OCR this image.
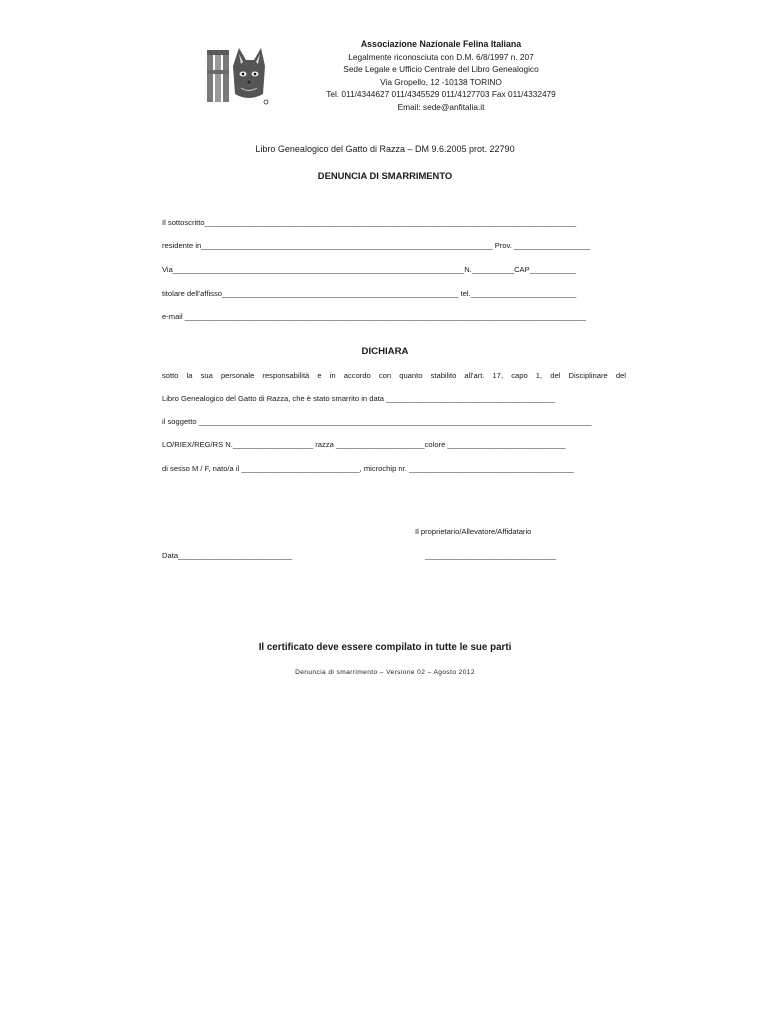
Associazione Nazionale Felina Italiana
Legalmente riconosciuta con D.M. 6/8/1997 n. 207
Sede Legale e Ufficio Centrale del Libro Genealogico
Via Gropello, 12 -10138 TORINO
Tel. 011/4344627 011/4345529 011/4127703 Fax 011/4332479
Email: sede@anfitalia.it
Libro Genealogico del Gatto di Razza – DM 9.6.2005 prot. 22790
DENUNCIA DI SMARRIMENTO
Il sottoscritto________________________________________________________________________________________
residente in_____________________________________________________________________ Prov. __________________
Via_____________________________________________________________________N.__________CAP___________
titolare dell'affisso________________________________________________________ tel._________________________
e-mail _______________________________________________________________________________________________
DICHIARA
sotto la sua personale responsabilità e in accordo con quanto stabilito all'art. 17, capo 1, del Disciplinare del
Libro Genealogico del Gatto di Razza, che è stato smarrito in data ________________________________________
il soggetto _____________________________________________________________________________________________
LO/RIEX/REG/RS N.___________________ razza _____________________colore ____________________________
di sesso M / F, nato/a il ____________________________, microchip nr. _______________________________________
Il proprietario/Allevatore/Affidatario
Data___________________________	_______________________________
Il certificato deve essere compilato in tutte le sue parti
Denuncia di smarrimento – Versione 02 – Agosto 2012
